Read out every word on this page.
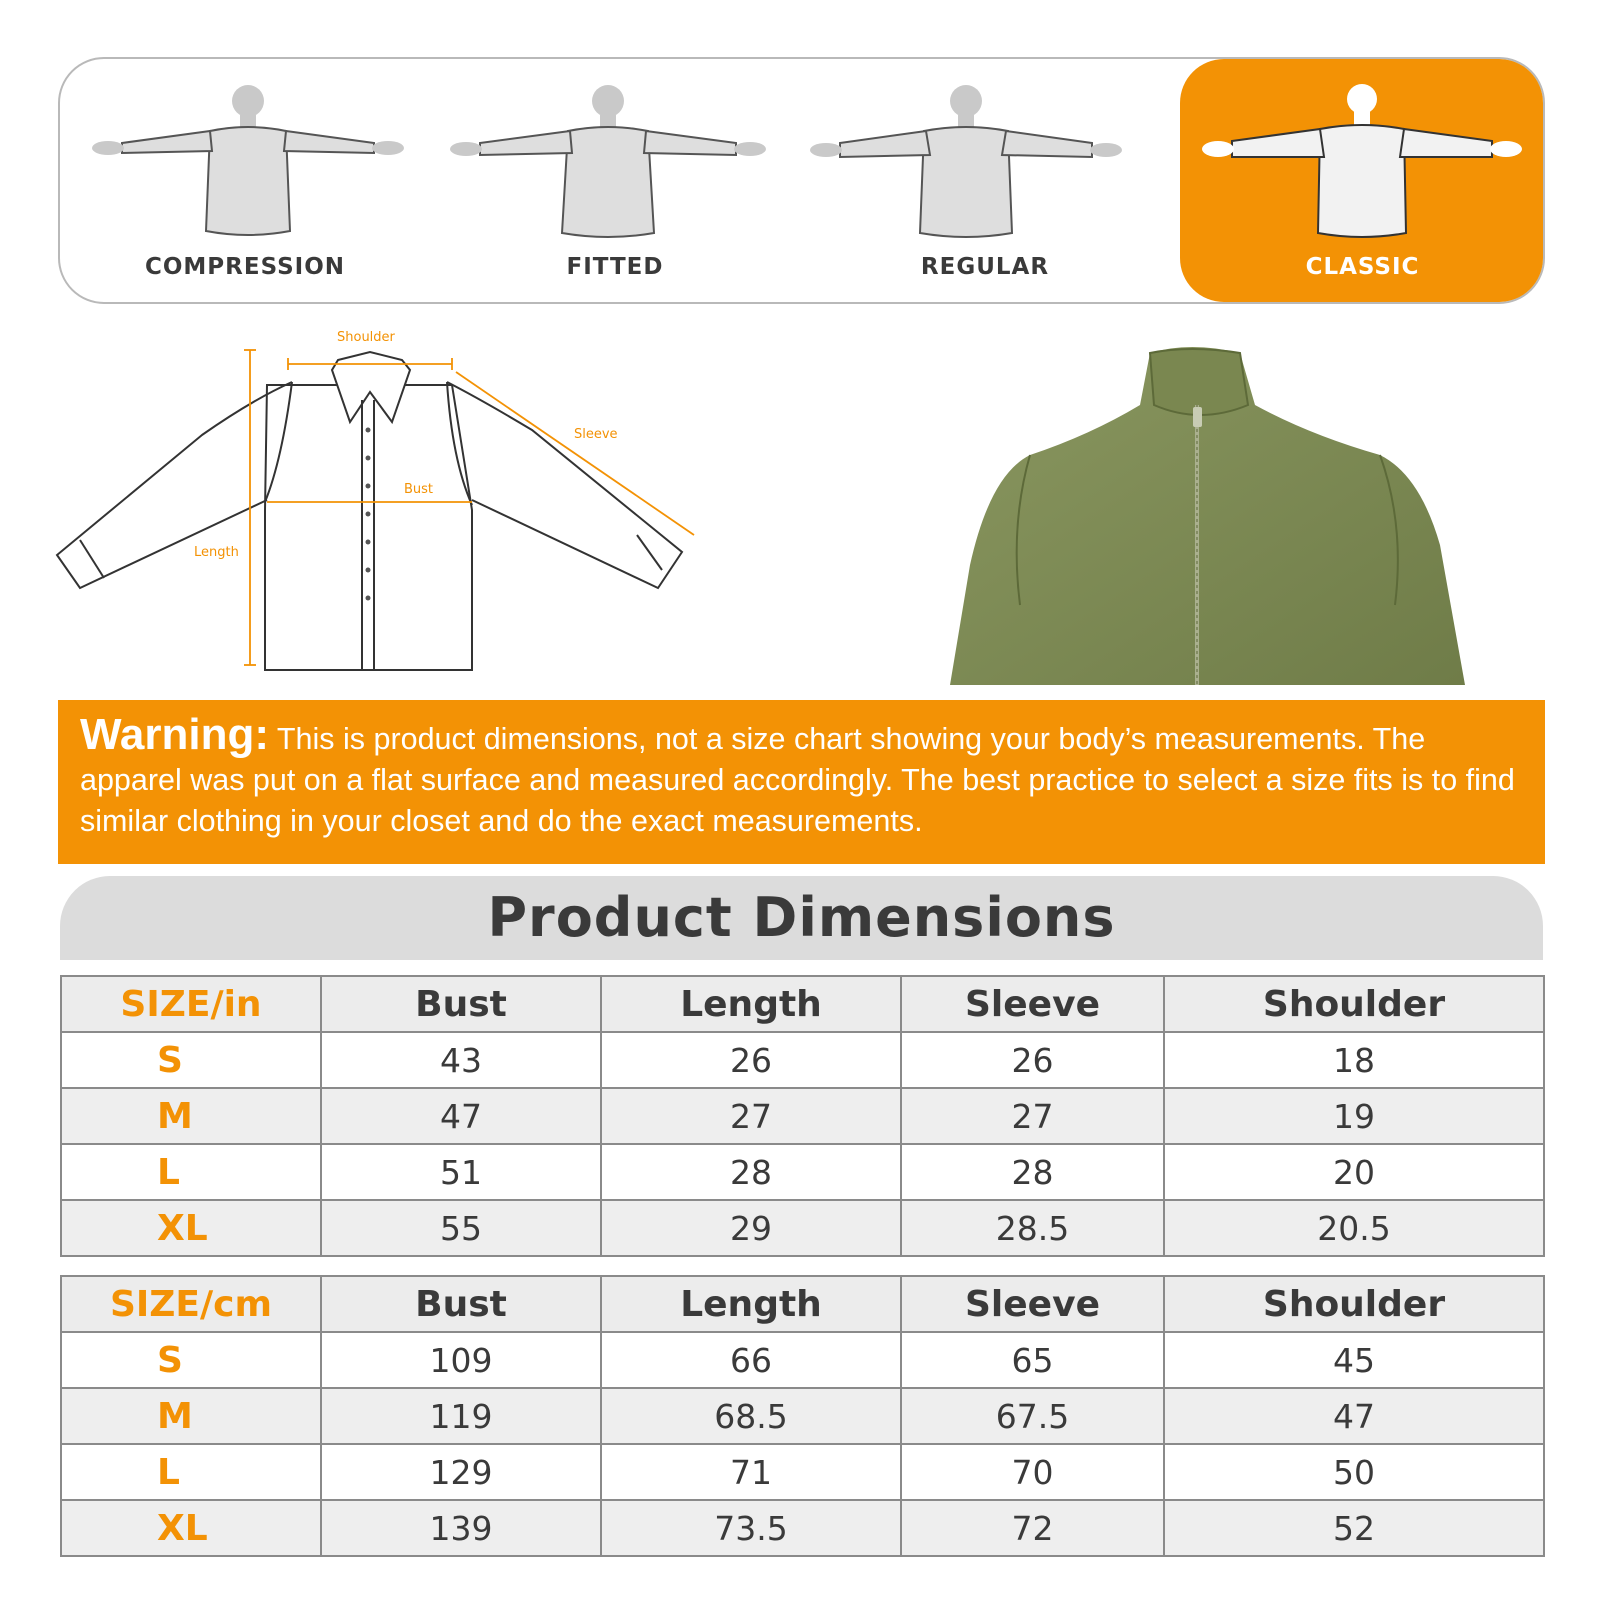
COMPRESSION	FITTED	REGULAR	CLASSIC
Shoulder
Sleeve
Bust
Length
Warning: This is product dimensions, not a size chart showing your body’s measurements. The apparel was put on a flat surface and measured accordingly. The best practice to select a size fits is to find similar clothing in your closet and do the exact measurements.
Product Dimensions
SIZE/in	Bust	Length	Sleeve	Shoulder
S	43	26	26	18
M	47	27	27	19
L	51	28	28	20
XL	55	29	28.5	20.5
SIZE/cm	Bust	Length	Sleeve	Shoulder
S	109	66	65	45
M	119	68.5	67.5	47
L	129	71	70	50
XL	139	73.5	72	52
